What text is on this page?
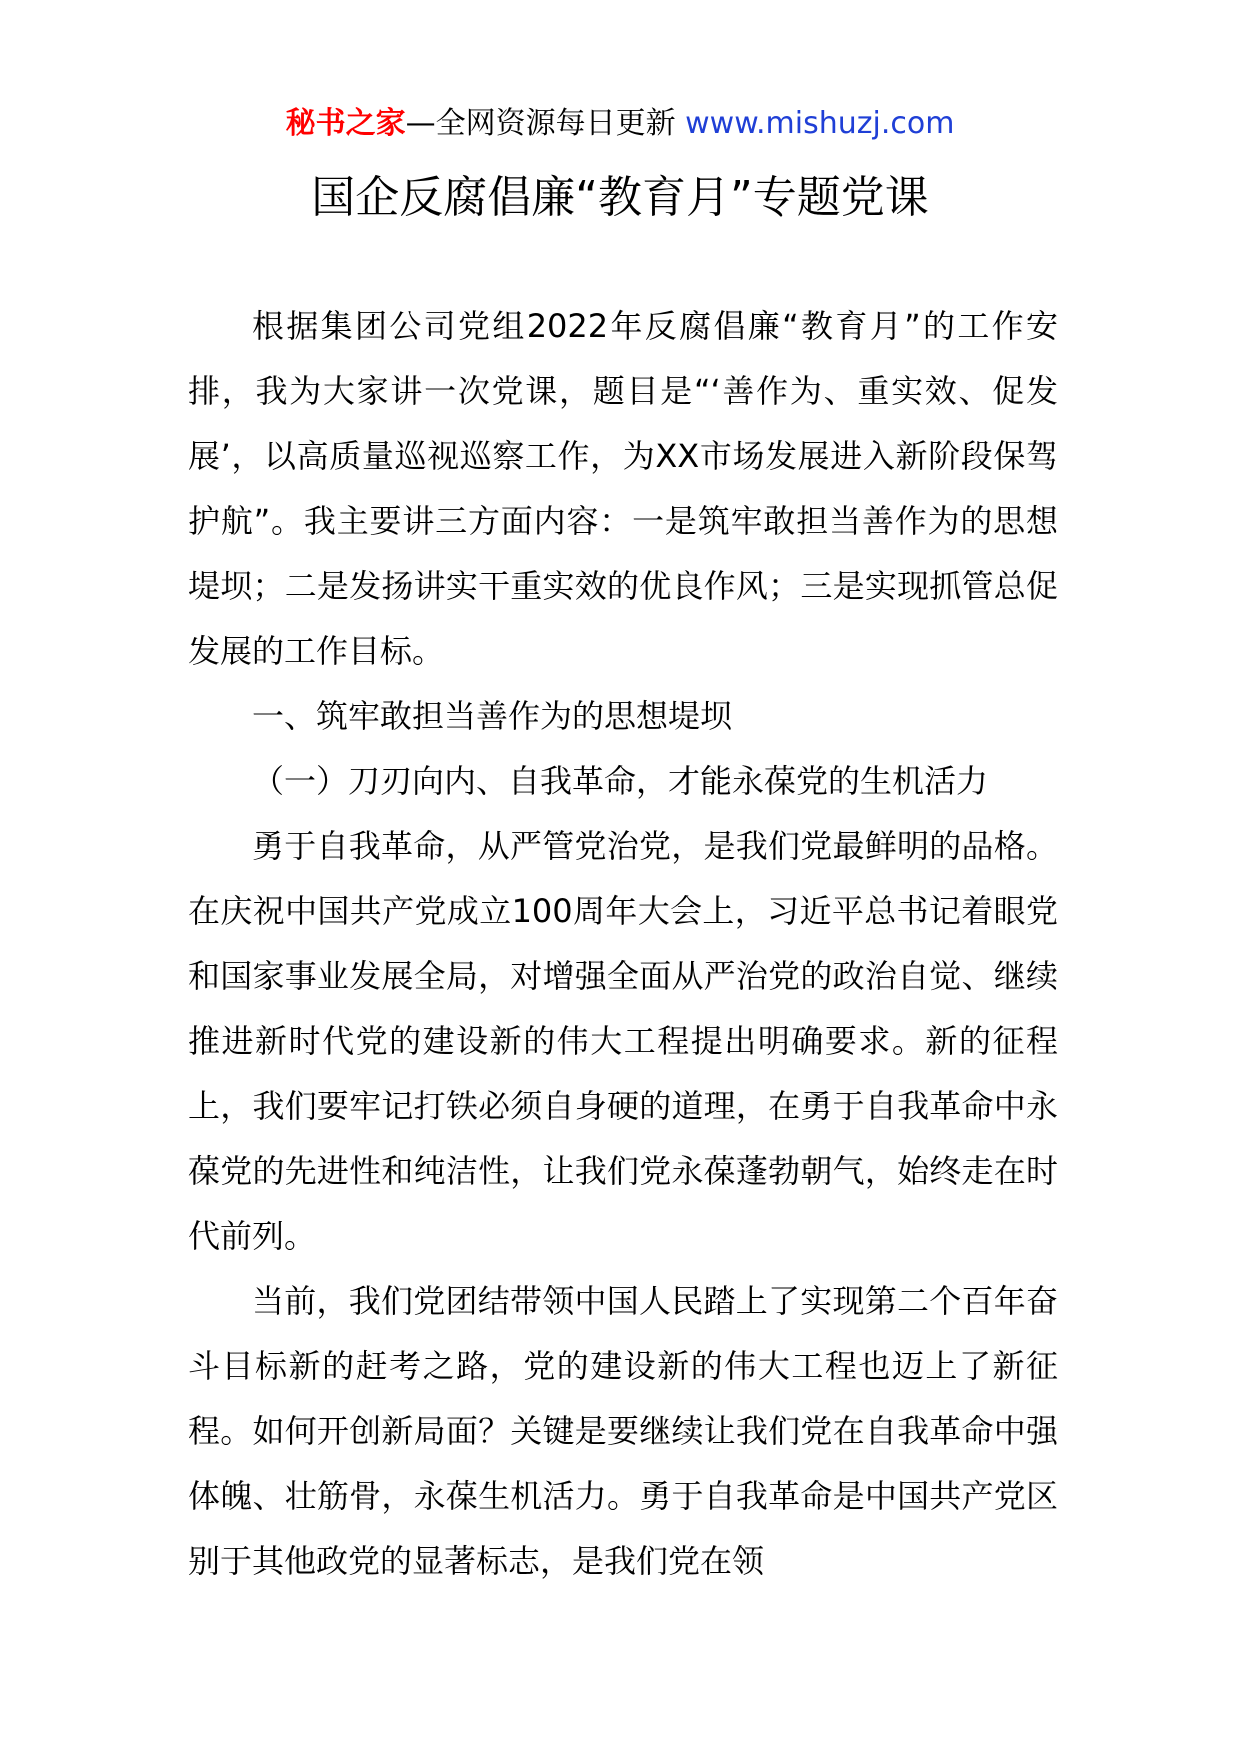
秘书之家—全网资源每日更新 www.mishuzj.com
国企反腐倡廉“教育月”专题党课

根据集团公司党组2022年反腐倡廉“教育月”的工作安排，我为大家讲一次党课，题目是“‘善作为、重实效、促发展’，以高质量巡视巡察工作，为XX市场发展进入新阶段保驾护航”。我主要讲三方面内容：一是筑牢敢担当善作为的思想堤坝；二是发扬讲实干重实效的优良作风；三是实现抓管总促发展的工作目标。

一、筑牢敢担当善作为的思想堤坝

（一）刀刃向内、自我革命，才能永葆党的生机活力

勇于自我革命，从严管党治党，是我们党最鲜明的品格。在庆祝中国共产党成立100周年大会上，习近平总书记着眼党和国家事业发展全局，对增强全面从严治党的政治自觉、继续推进新时代党的建设新的伟大工程提出明确要求。新的征程上，我们要牢记打铁必须自身硬的道理，在勇于自我革命中永葆党的先进性和纯洁性，让我们党永葆蓬勃朝气，始终走在时代前列。

当前，我们党团结带领中国人民踏上了实现第二个百年奋斗目标新的赶考之路，党的建设新的伟大工程也迈上了新征程。如何开创新局面？关键是要继续让我们党在自我革命中强体魄、壮筋骨，永葆生机活力。勇于自我革命是中国共产党区别于其他政党的显著标志，是我们党在领
